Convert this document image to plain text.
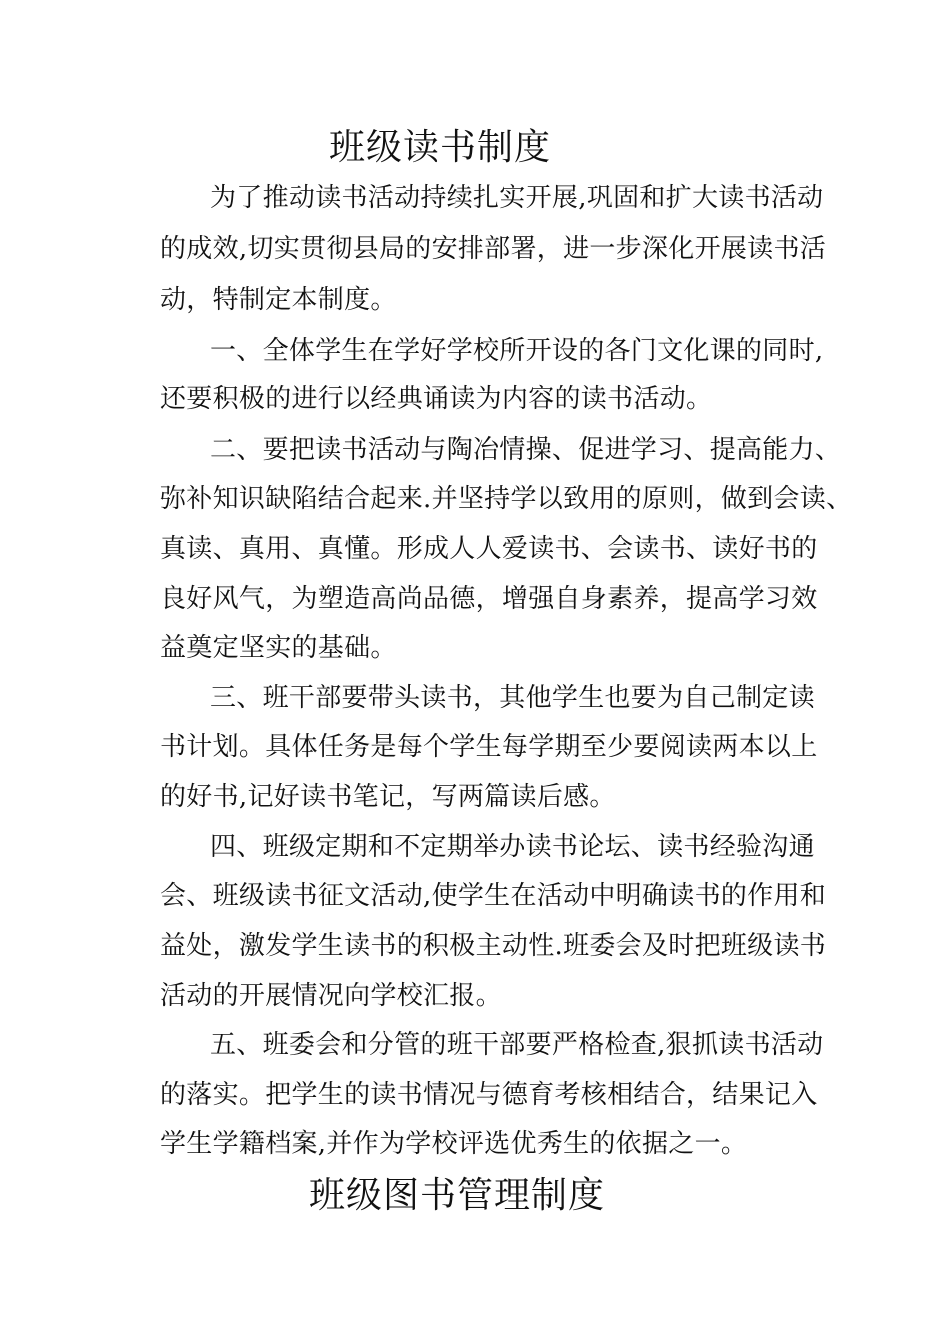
班级读书制度
为了推动读书活动持续扎实开展,巩固和扩大读书活动
的成效,切实贯彻县局的安排部署，进一步深化开展读书活
动，特制定本制度。
一、全体学生在学好学校所开设的各门文化课的同时,
还要积极的进行以经典诵读为内容的读书活动。
二、要把读书活动与陶冶情操、促进学习、提高能力、
弥补知识缺陷结合起来.并坚持学以致用的原则，做到会读、
真读、真用、真懂。形成人人爱读书、会读书、读好书的
良好风气，为塑造高尚品德，增强自身素养，提高学习效
益奠定坚实的基础。
三、班干部要带头读书，其他学生也要为自己制定读
书计划。具体任务是每个学生每学期至少要阅读两本以上
的好书,记好读书笔记，写两篇读后感。
四、班级定期和不定期举办读书论坛、读书经验沟通
会、班级读书征文活动,使学生在活动中明确读书的作用和
益处，激发学生读书的积极主动性.班委会及时把班级读书
活动的开展情况向学校汇报。
五、班委会和分管的班干部要严格检查,狠抓读书活动
的落实。把学生的读书情况与德育考核相结合，结果记入
学生学籍档案,并作为学校评选优秀生的依据之一。
班级图书管理制度
